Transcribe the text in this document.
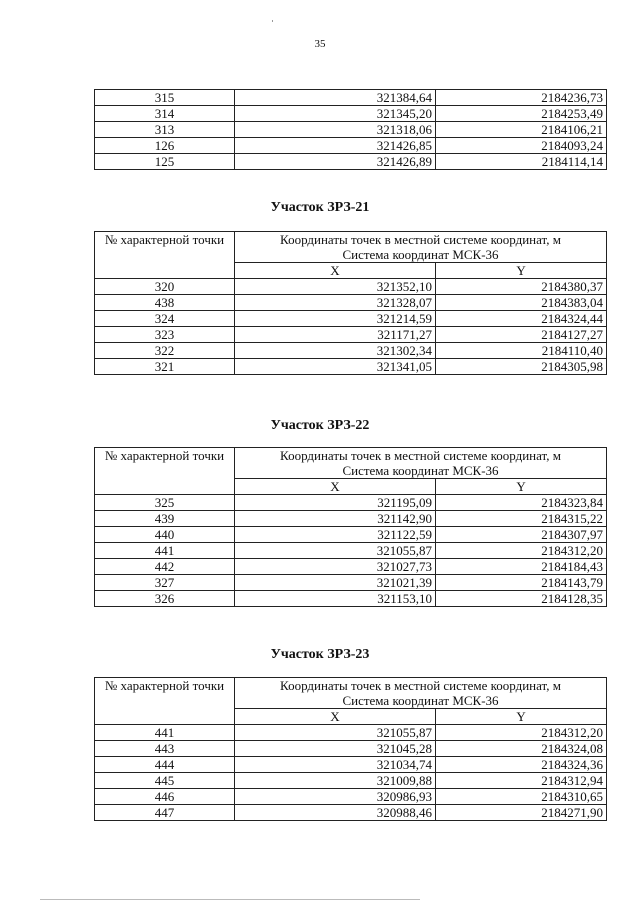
35
315	321384,64	2184236,73
314	321345,20	2184253,49
313	321318,06	2184106,21
126	321426,85	2184093,24
125	321426,89	2184114,14
Участок ЗРЗ-21
№ характерной точки	Координаты точек в местной системе координат, м
Система координат МСК-36	

	X	Y
320	321352,10	2184380,37
438	321328,07	2184383,04
324	321214,59	2184324,44
323	321171,27	2184127,27
322	321302,34	2184110,40
321	321341,05	2184305,98
Участок ЗРЗ-22
№ характерной точки	Координаты точек в местной системе координат, м
Система координат МСК-36	

	X	Y
325	321195,09	2184323,84
439	321142,90	2184315,22
440	321122,59	2184307,97
441	321055,87	2184312,20
442	321027,73	2184184,43
327	321021,39	2184143,79
326	321153,10	2184128,35
Участок ЗРЗ-23
№ характерной точки	Координаты точек в местной системе координат, м
Система координат МСК-36	

	X	Y
441	321055,87	2184312,20
443	321045,28	2184324,08
444	321034,74	2184324,36
445	321009,88	2184312,94
446	320986,93	2184310,65
447	320988,46	2184271,90
